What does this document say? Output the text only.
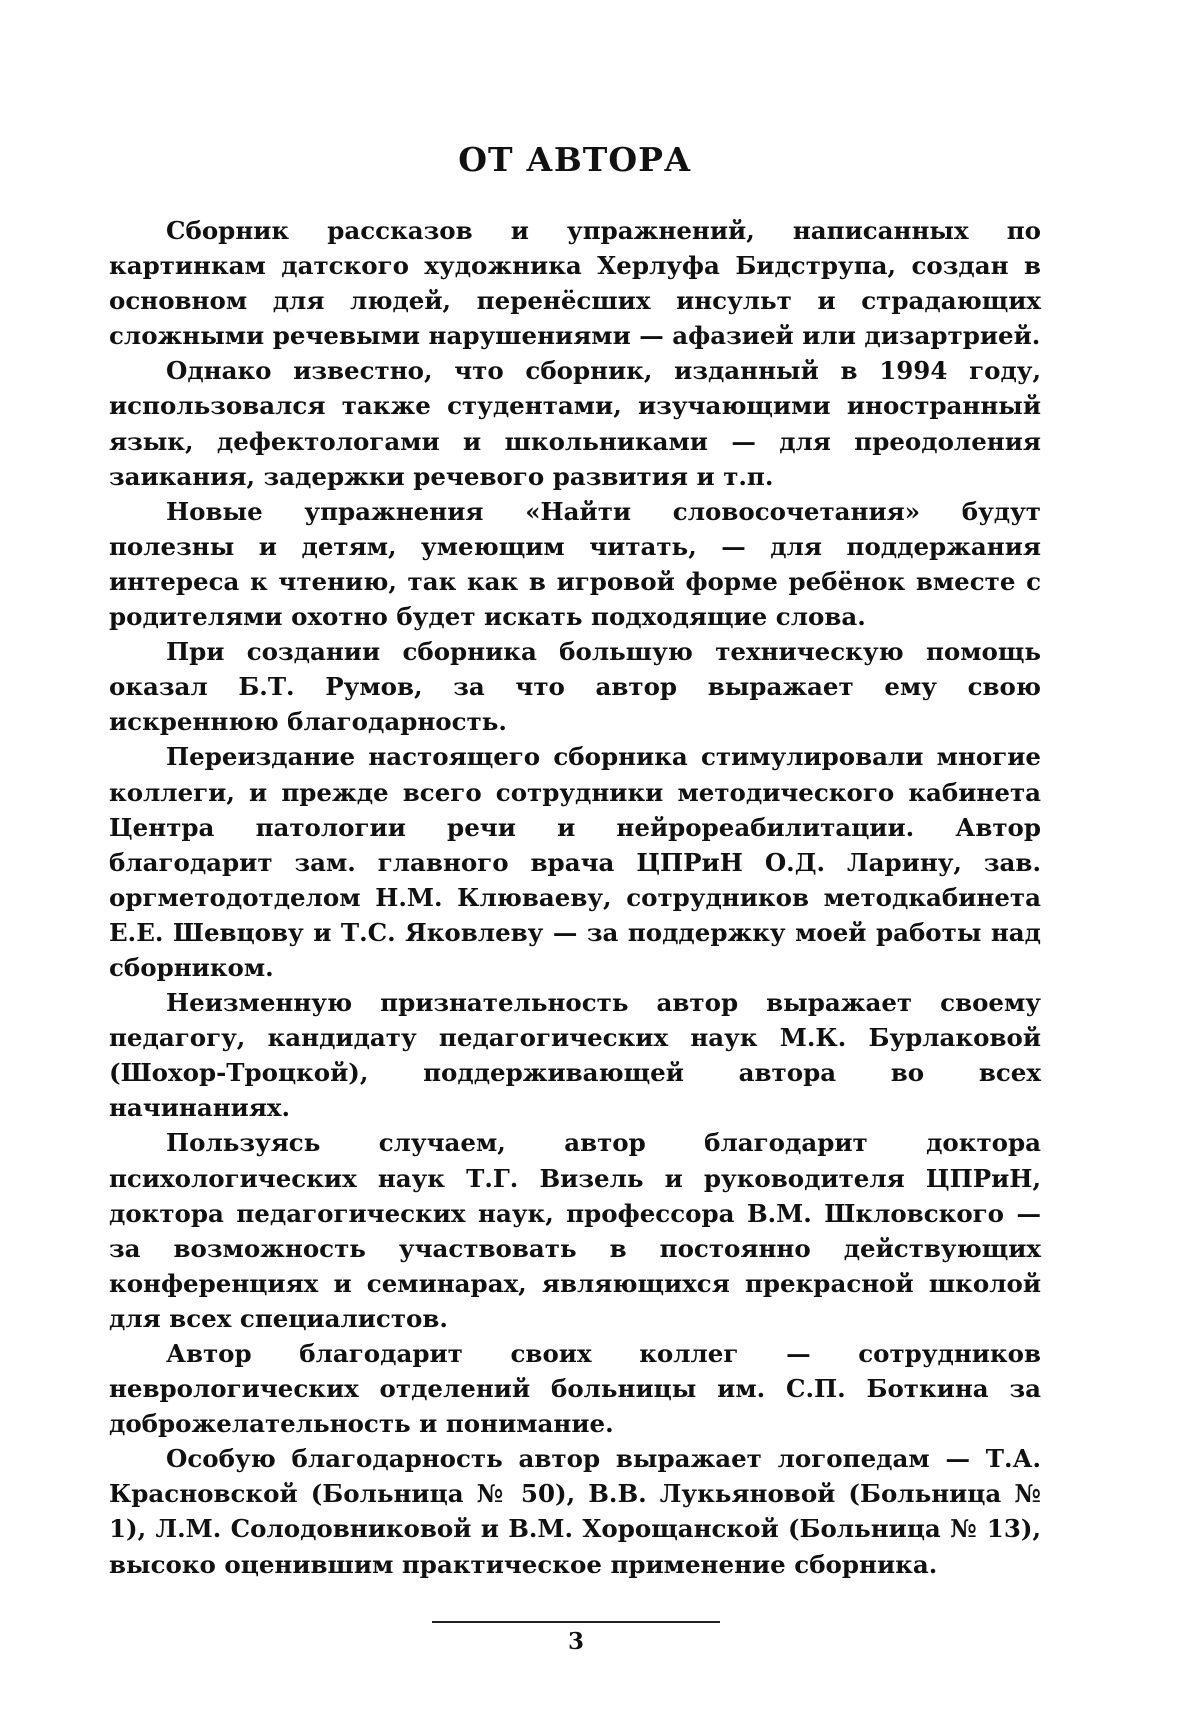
ОТ АВТОРА

Сборник рассказов и упражнений, написанных по картинкам датского художника Херлуфа Бидструпа, создан в основном для людей, перенёсших инсульт и страдающих сложными речевыми нарушениями — афазией или дизартрией.

Однако известно, что сборник, изданный в 1994 году, использовался также студентами, изучающими иностранный язык, дефектологами и школьниками — для преодоления заикания, задержки речевого развития и т.п.

Новые упражнения «Найти словосочетания» будут полезны и детям, умеющим читать, — для поддержания интереса к чтению, так как в игровой форме ребёнок вместе с родителями охотно будет искать подходящие слова.

При создании сборника большую техническую помощь оказал Б.Т. Румов, за что автор выражает ему свою искреннюю благодарность.

Переиздание настоящего сборника стимулировали многие коллеги, и прежде всего сотрудники методического кабинета Центра патологии речи и нейрореабилитации. Автор благодарит зам. главного врача ЦПРиН О.Д. Ларину, зав. оргметодотделом Н.М. Клюваеву, сотрудников методкабинета Е.Е. Шевцову и Т.С. Яковлеву — за поддержку моей работы над сборником.

Неизменную признательность автор выражает своему педагогу, кандидату педагогических наук М.К. Бурлаковой (Шохор-Троцкой), поддерживающей автора во всех начинаниях.

Пользуясь случаем, автор благодарит доктора психологических наук Т.Г. Визель и руководителя ЦПРиН, доктора педагогических наук, профессора В.М. Шкловского — за возможность участвовать в постоянно действующих конференциях и семинарах, являющихся прекрасной школой для всех специалистов.

Автор благодарит своих коллег — сотрудников неврологических отделений больницы им. С.П. Боткина за доброжелательность и понимание.

Особую благодарность автор выражает логопедам — Т.А. Красновской (Больница № 50), В.В. Лукьяновой (Больница № 1), Л.М. Солодовниковой и В.М. Хорощанской (Больница № 13), высоко оценившим практическое применение сборника.

3
